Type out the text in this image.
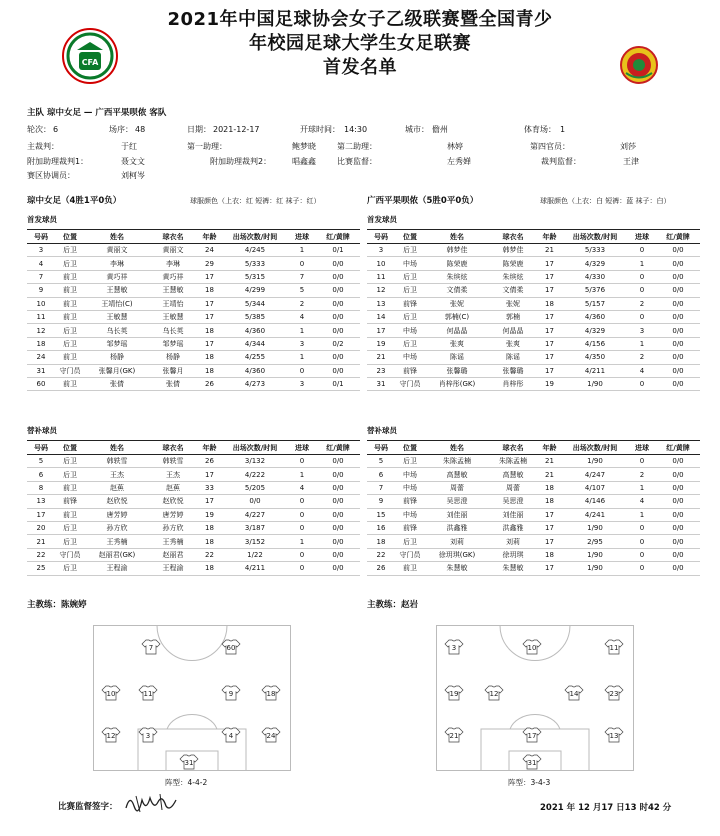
2021年中国足球协会女子乙级联赛暨全国青少
年校园足球大学生女足联赛
首发名单
CFA
主队 琼中女足 — 广西平果呗侬 客队
轮次： 6	场序： 48	日期： 2021-12-17	开球时间： 14:30	城市： 儋州	体育场： 1
主裁判：	于红	第一助理：	鲍梦晓	第二助理：	林婷	第四官员：	刘莎
附加助理裁判1：	聂文文	附加助理裁判2：	唱鑫鑫	比赛监督：	左秀婵	裁判监督：	王津
赛区协调员：	刘柯岑
琼中女足（4胜1平0负）	球服颜色（上衣：红 短裤：红 袜子：红）	广西平果呗侬（5胜0平0负）	球服颜色（上衣：白 短裤：蓝 袜子：白）
首发球员	首发球员
号码	位置	姓名	球衣名	年龄	出场次数/时间	进球	红/黄牌
3	后卫	黄丽文	黄丽文	24	4/245	1	0/1
4	后卫	李琳	李琳	29	5/333	0	0/0
7	前卫	黄巧祥	黄巧祥	17	5/315	7	0/0
9	前卫	王慧敏	王慧敏	18	4/299	5	0/0
10	前卫	王靖怡(C)	王靖怡	17	5/344	2	0/0
11	前卫	王敏慧	王敏慧	17	5/385	4	0/0
12	后卫	乌长英	乌长英	18	4/360	1	0/0
18	后卫	邹梦瑶	邹梦瑶	17	4/344	3	0/2
24	前卫	杨静	杨静	18	4/255	1	0/0
31	守门员	张馨月(GK)	张馨月	18	4/360	0	0/0
60	前卫	张倩	张倩	26	4/273	3	0/1
号码	位置	姓名	球衣名	年龄	出场次数/时间	进球	红/黄牌
3	后卫	韩梦佳	韩梦佳	21	5/333	0	0/0
10	中场	陈荣鹿	陈荣鹿	17	4/329	1	0/0
11	后卫	朱缤炫	朱缤炫	17	4/330	0	0/0
12	后卫	文倩柔	文倩柔	17	5/376	0	0/0
13	前锋	张妮	张妮	18	5/157	2	0/0
14	后卫	郭楠(C)	郭楠	17	4/360	0	0/0
17	中场	何晶晶	何晶晶	17	4/329	3	0/0
19	后卫	张爽	张爽	17	4/156	1	0/0
21	中场	陈谣	陈谣	17	4/350	2	0/0
23	前锋	张馨璐	张馨璐	17	4/211	4	0/0
31	守门员	肖梓彤(GK)	肖梓彤	19	1/90	0	0/0
替补球员	替补球员
号码	位置	姓名	球衣名	年龄	出场次数/时间	进球	红/黄牌
5	后卫	韩轶雪	韩轶雪	26	3/132	0	0/0
6	后卫	王杰	王杰	17	4/222	1	0/0
8	前卫	赵蕉	赵蕉	33	5/205	4	0/0
13	前锋	赵欣悦	赵欣悦	17	0/0	0	0/0
17	前卫	唐芳婷	唐芳婷	19	4/227	0	0/0
20	后卫	孙方欣	孙方欣	18	3/187	0	0/0
21	后卫	王秀楠	王秀楠	18	3/152	1	0/0
22	守门员	赵丽君(GK)	赵丽君	22	1/22	0	0/0
25	后卫	王程渝	王程渝	18	4/211	0	0/0
号码	位置	姓名	球衣名	年龄	出场次数/时间	进球	红/黄牌
5	后卫	朱陈孟楠	朱陈孟楠	21	1/90	0	0/0
6	中场	高慧敏	高慧敏	21	4/247	2	0/0
7	中场	周蕾	周蕾	18	4/107	1	0/0
9	前锋	吴思澄	吴思澄	18	4/146	4	0/0
15	中场	刘佳丽	刘佳丽	17	4/241	1	0/0
16	前锋	洪鑫雅	洪鑫雅	17	1/90	0	0/0
18	后卫	刘莉	刘莉	17	2/95	0	0/0
22	守门员	徐玥琪(GK)	徐玥琪	18	1/90	0	0/0
26	前卫	朱慧敏	朱慧敏	17	1/90	0	0/0
主教练：陈婉婷	主教练：赵岩
7	60
10	11	9	18
12	3	4	24
31
3	10	11
19	12	14	23
21	17	13
31
阵型：4-4-2	阵型：3-4-3
比赛监督签字：	2021 年 12 月17 日13 时42 分
